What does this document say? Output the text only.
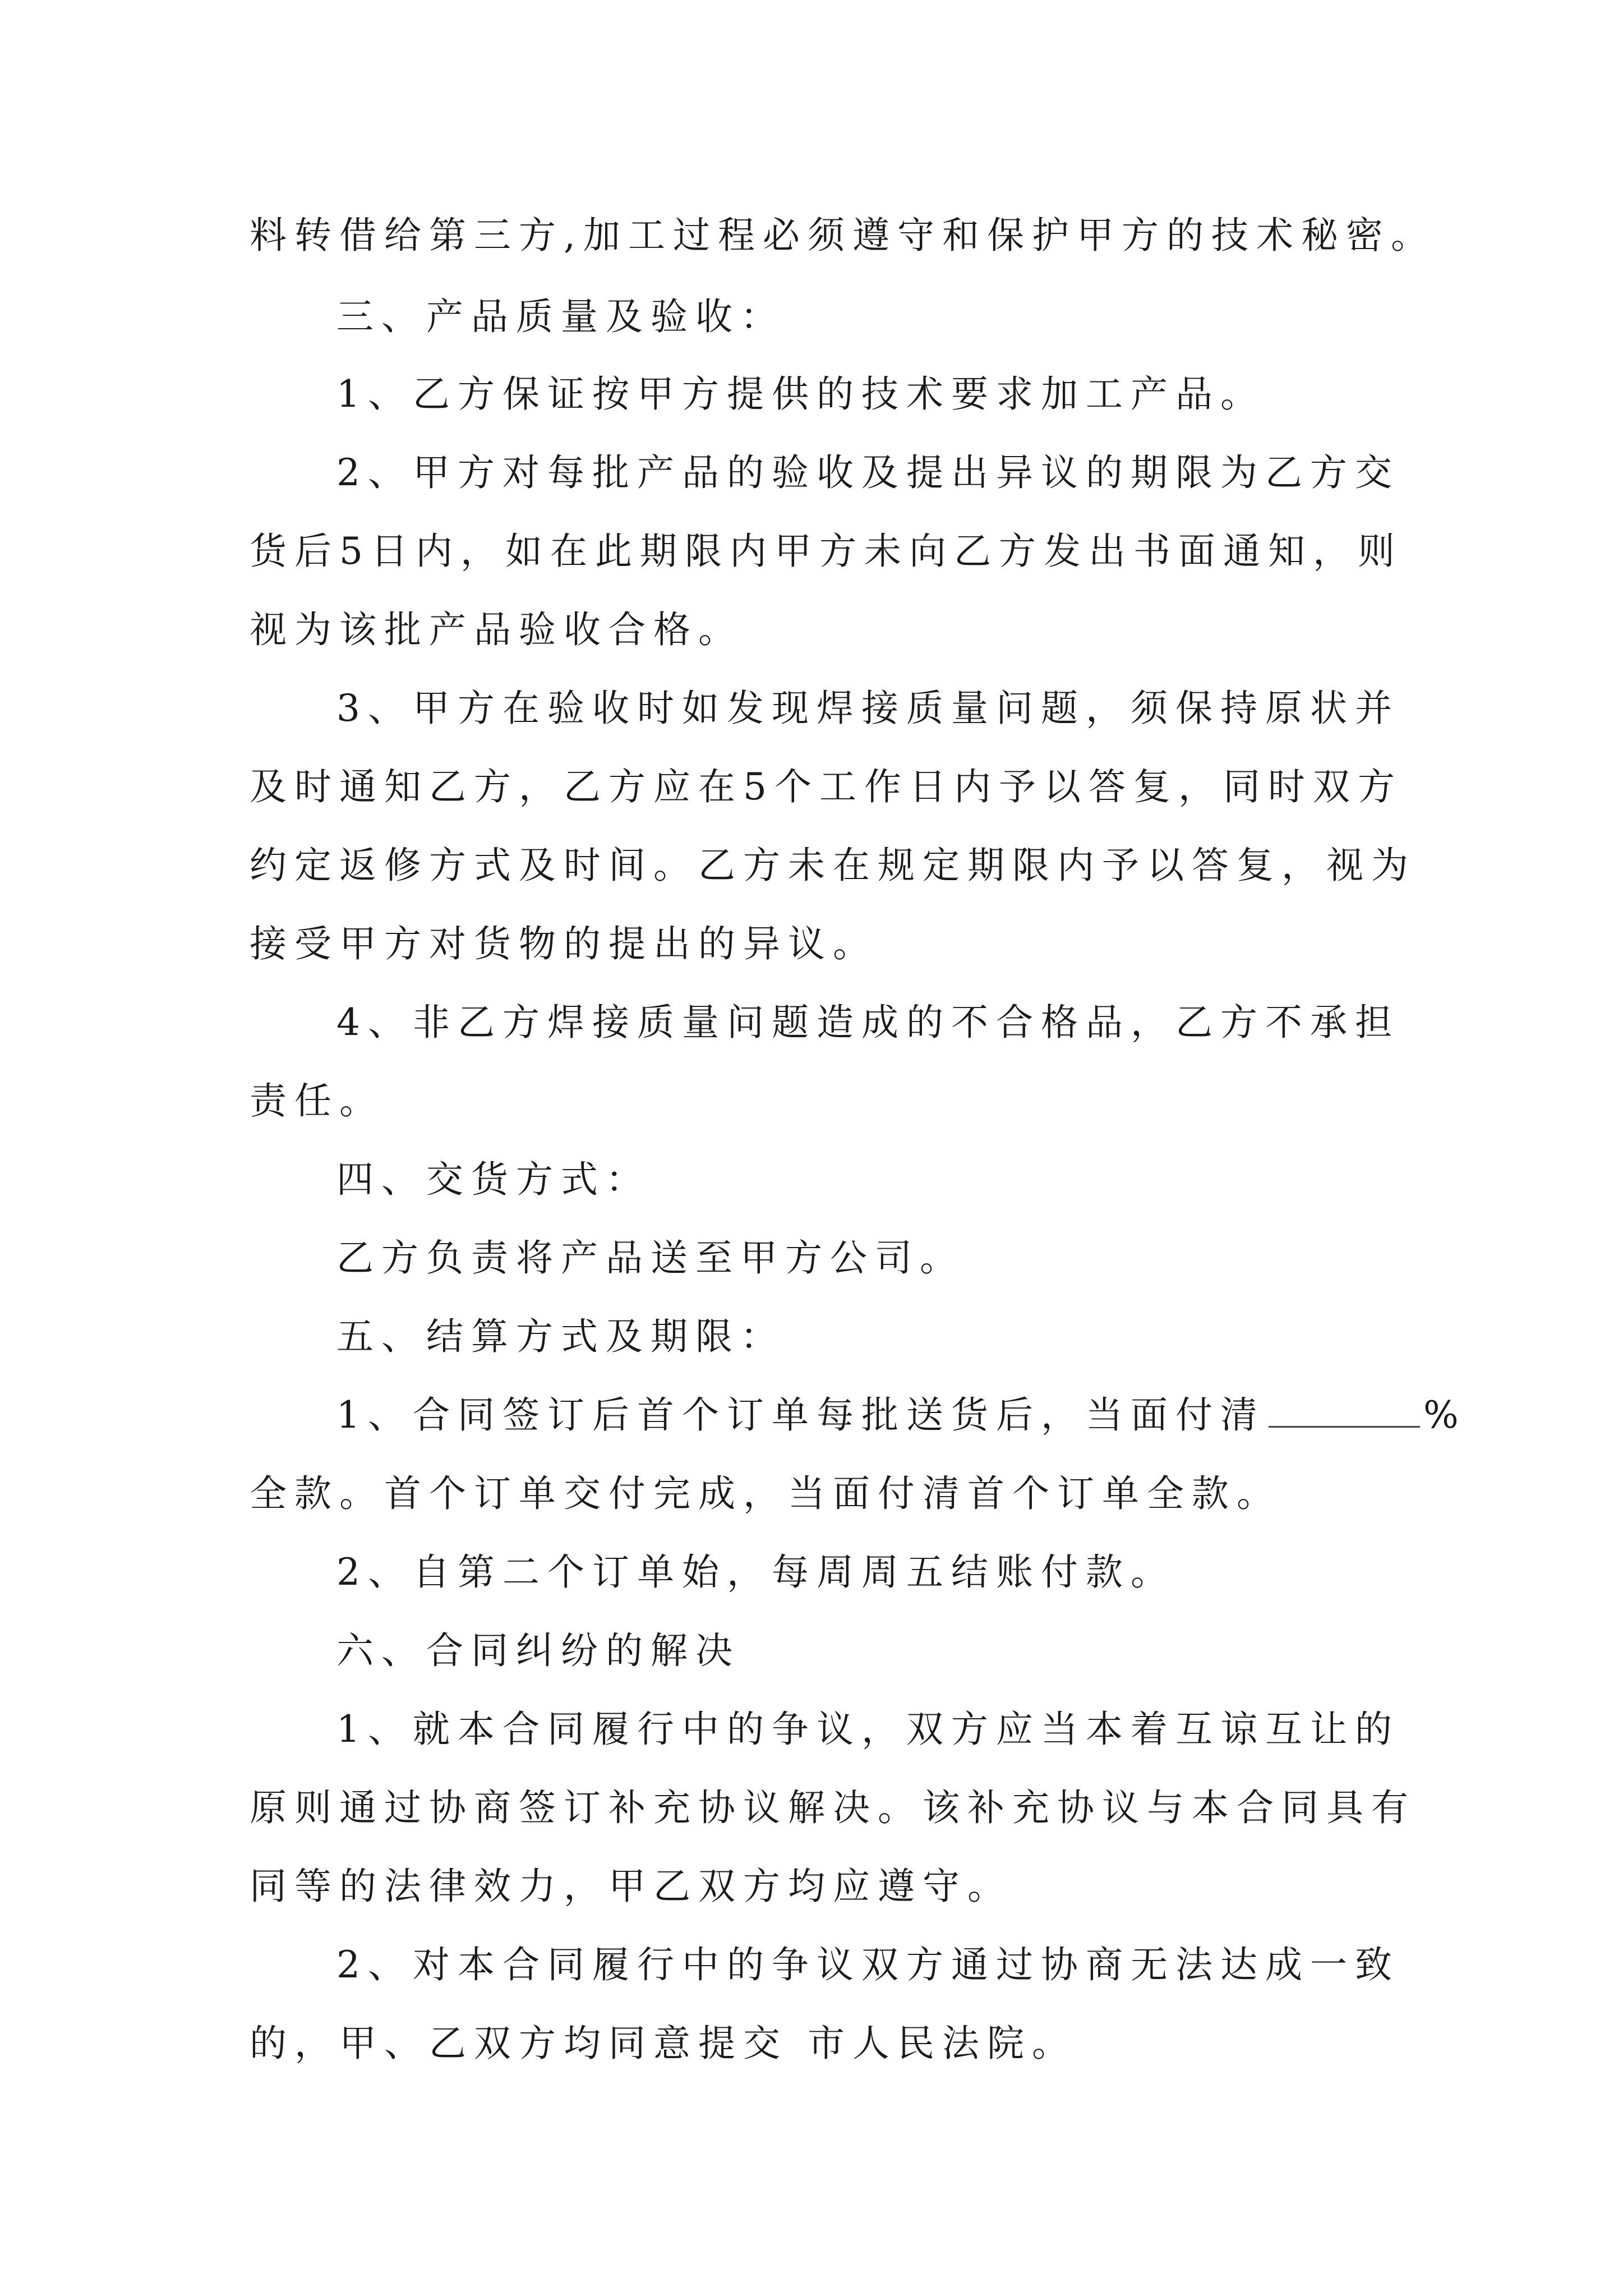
料转借给第三方,加工过程必须遵守和保护甲方的技术秘密。
三、产品质量及验收：
1、乙方保证按甲方提供的技术要求加工产品。
2、甲方对每批产品的验收及提出异议的期限为乙方交
货后5日内，如在此期限内甲方未向乙方发出书面通知，则
视为该批产品验收合格。
3、甲方在验收时如发现焊接质量问题，须保持原状并
及时通知乙方，乙方应在5个工作日内予以答复，同时双方
约定返修方式及时间。乙方未在规定期限内予以答复，视为
接受甲方对货物的提出的异议。
4、非乙方焊接质量问题造成的不合格品，乙方不承担
责任。
四、交货方式：
乙方负责将产品送至甲方公司。
五、结算方式及期限：
1、合同签订后首个订单每批送货后，当面付清	%
全款。首个订单交付完成，当面付清首个订单全款。
2、自第二个订单始，每周周五结账付款。
六、合同纠纷的解决
1、就本合同履行中的争议，双方应当本着互谅互让的
原则通过协商签订补充协议解决。该补充协议与本合同具有
同等的法律效力，甲乙双方均应遵守。
2、对本合同履行中的争议双方通过协商无法达成一致
的，甲、乙双方均同意提交 市人民法院。
